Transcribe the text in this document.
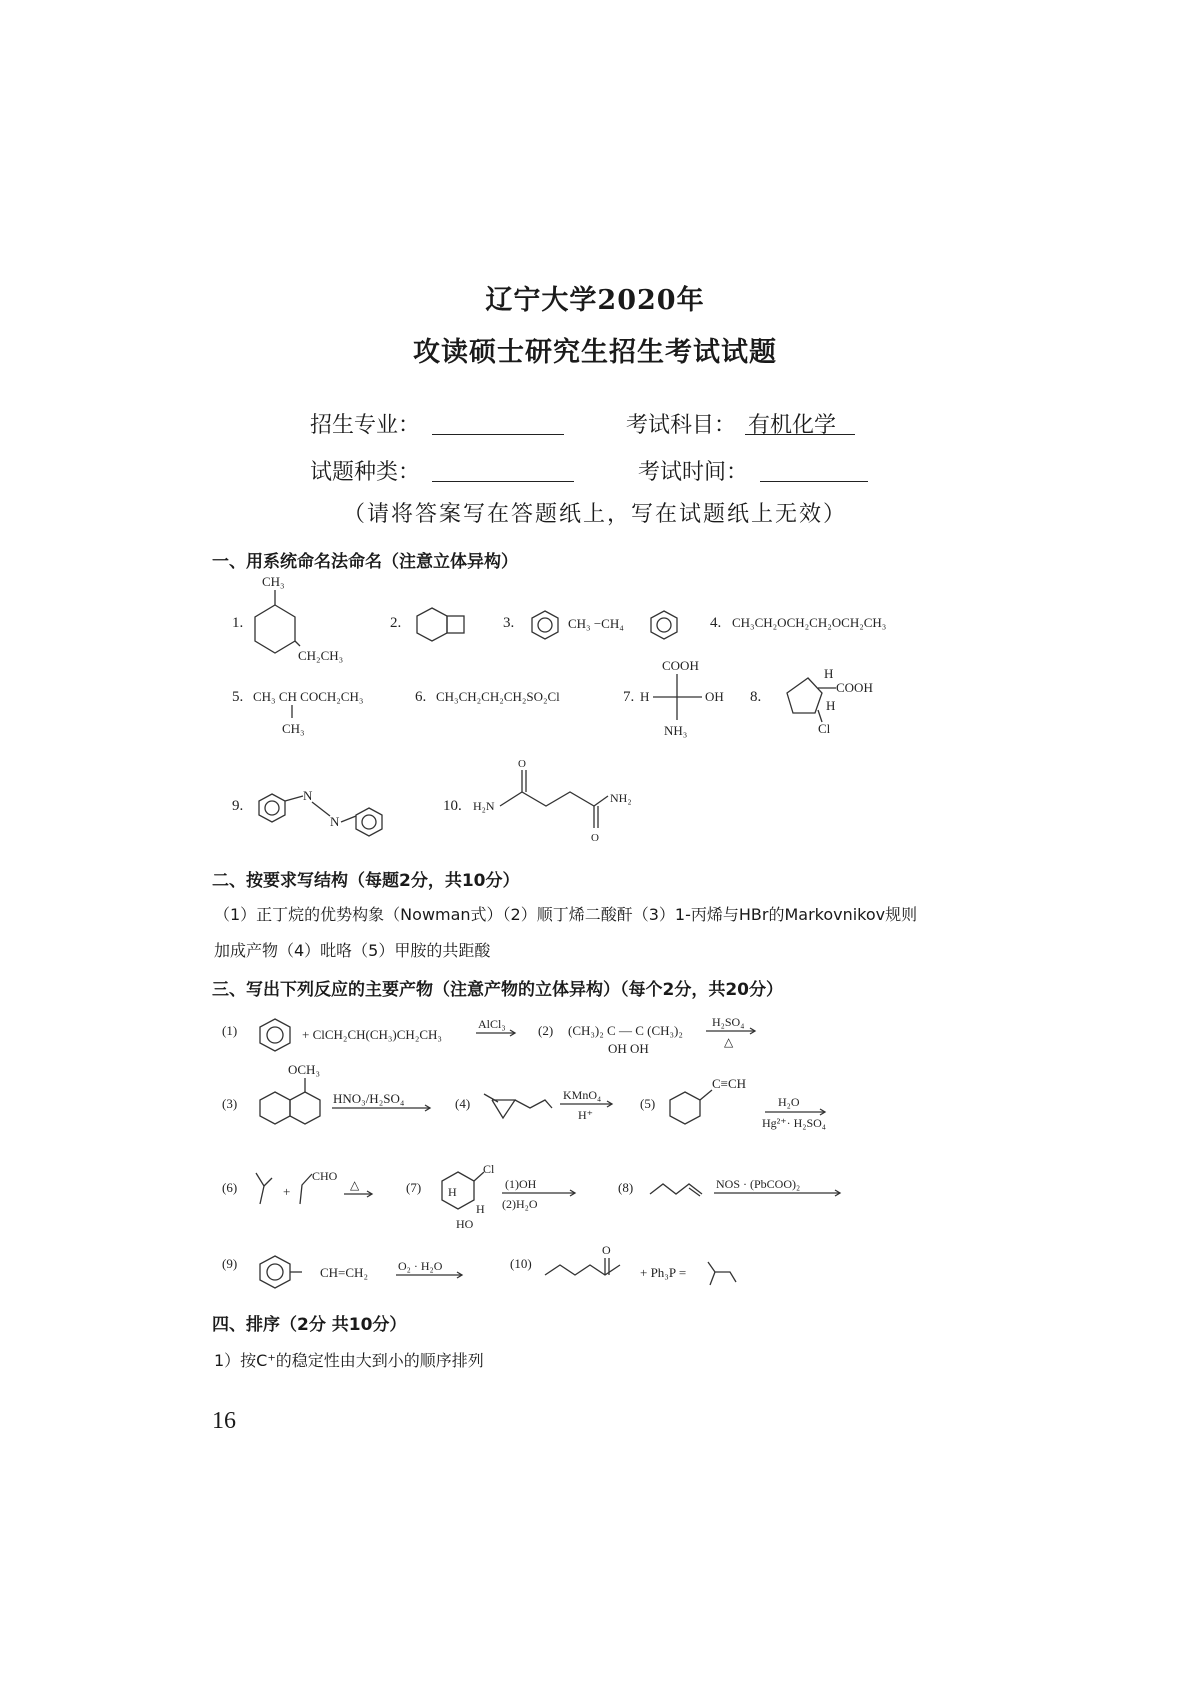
辽宁大学2020年
攻读硕士研究生招生考试试题
招生专业：	考试科目： 有机化学
试题种类：	考试时间：
（请将答案写在答题纸上，写在试题纸上无效）
一、用系统命名法命名（注意立体异构）
1.
CH₃
CH₂CH₃
2.	3.	CH₃ −CH₄	4. CH₃CH₂OCH₂CH₂OCH₂CH₃
5. CH₃ CH COCH₂CH₃
CH₃
6. CH₃CH₂CH₂CH₂SO₂Cl	7. H
COOH
OH
NH₃
8.
H
COOH
H
Cl
9.
N
N
10. H₂N
O
O
NH₂
二、按要求写结构（每题2分，共10分）
（1）正丁烷的优势构象（Nowman式）（2）顺丁烯二酸酐（3）1-丙烯与HBr的Markovnikov规则
加成产物（4）吡咯（5）甲胺的共距酸
三、写出下列反应的主要产物（注意产物的立体异构）（每个2分，共20分）
(1)	+ ClCH₂CH(CH₃)CH₂CH₃
AlCl₃ (2) (CH₃)₂ C — C (CH₃)₂
OH OH
H₂SO₄
△
(3)
OCH₃
HNO₃/H₂SO₄	(4)
KMnO₄
H⁺
(5)
C≡CH
H₂O
Hg²⁺· H₂SO₄
(6)	+
CHO
△	(7) H
Cl
H
HO
(1)OH
(2)H₂O
(8)	NOS · (PbCOO)₂
(9)
CH=CH₂	O₂ · H₂O	(10)
O
+ Ph₃P =
四、排序（2分 共10分）
1）按C⁺的稳定性由大到小的顺序排列
16
